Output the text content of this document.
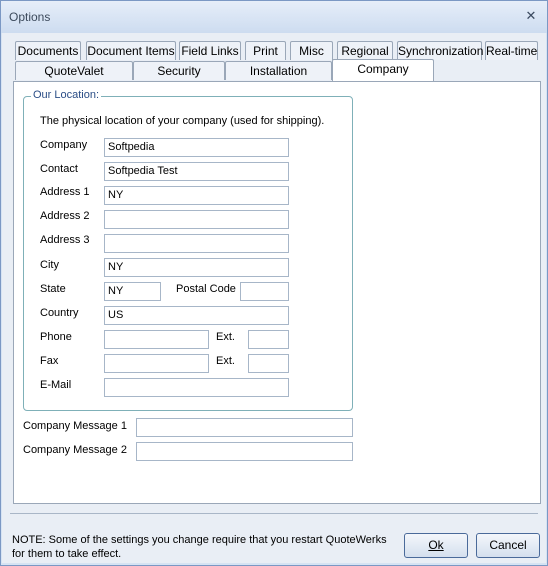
Options	✕
Documents Document Items Field Links	Print	Misc	Regional Synchronization Real-time
QuoteValet	Security	Installation	Company
Our Location:
The physical location of your company (used for shipping).
Company	Softpedia
Contact	Softpedia Test
Address 1	NY
Address 2
Address 3
City	NY
State	NY	Postal Code
Country	US
Phone	Ext.
Fax	Ext.
E-Mail
Company Message 1
Company Message 2
NOTE: Some of the settings you change require that you restart QuoteWerks for them to take effect.
Ok	Cancel
